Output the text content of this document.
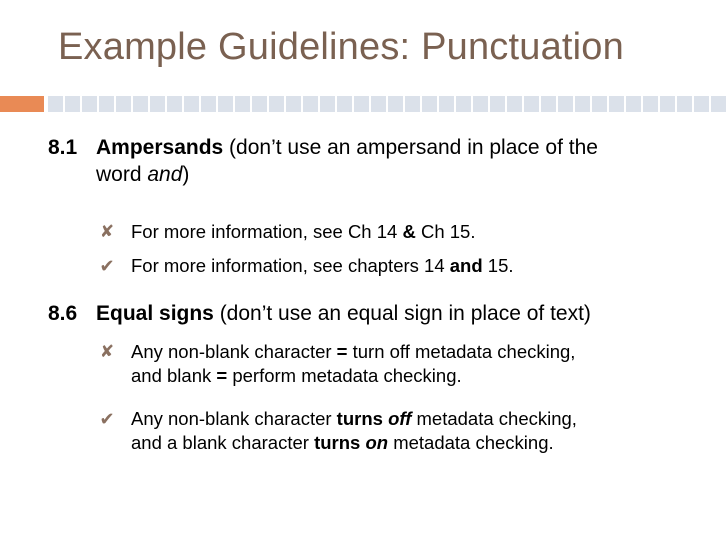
Example Guidelines: Punctuation
8.1 Ampersands (don’t use an ampersand in place of the
word and)
✘ For more information, see Ch 14 & Ch 15.
✔ For more information, see chapters 14 and 15.
8.6 Equal signs (don’t use an equal sign in place of text)
✘ Any non-blank character = turn off metadata checking,
and blank = perform metadata checking.
✔ Any non-blank character turns off metadata checking,
and a blank character turns on metadata checking.
